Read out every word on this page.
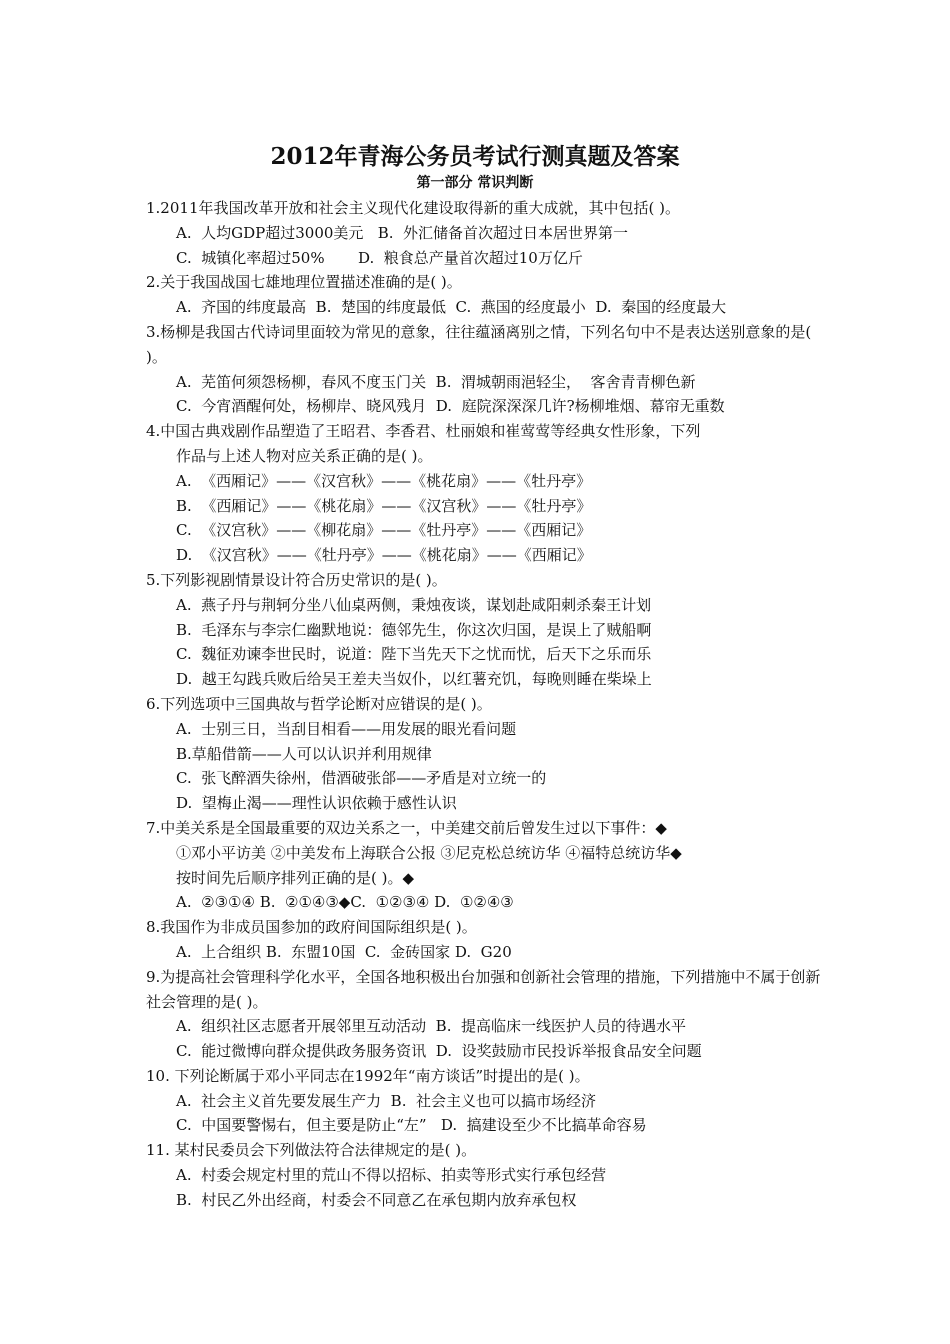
2012年青海公务员考试行测真题及答案
第一部分 常识判断

1.2011年我国改革开放和社会主义现代化建设取得新的重大成就，其中包括( )。

A.  人均GDP超过3000美元   B.  外汇储备首次超过日本居世界第一

C.  城镇化率超过50%       D.  粮食总产量首次超过10万亿斤

2.关于我国战国七雄地理位置描述准确的是( )。

A.  齐国的纬度最高  B.  楚国的纬度最低  C.  燕国的经度最小  D.  秦国的经度最大

3.杨柳是我国古代诗词里面较为常见的意象，往往蕴涵离别之情，下列名句中不是表达送别意象的是( )。

A.  芜笛何须怨杨柳，春风不度玉门关  B.  渭城朝雨浥轻尘，  客舍青青柳色新

C.  今宵酒醒何处，杨柳岸、晓风残月  D.  庭院深深深几许?杨柳堆烟、幕帘无重数

4.中国古典戏剧作品塑造了王昭君、李香君、杜丽娘和崔莺莺等经典女性形象，下列

作品与上述人物对应关系正确的是( )。

A.  《西厢记》——《汉宫秋》——《桃花扇》——《牡丹亭》

B.  《西厢记》——《桃花扇》——《汉宫秋》——《牡丹亭》

C.  《汉宫秋》——《柳花扇》——《牡丹亭》——《西厢记》

D.  《汉宫秋》——《牡丹亭》——《桃花扇》——《西厢记》

5.下列影视剧情景设计符合历史常识的是( )。

A.  燕子丹与荆轲分坐八仙桌两侧，秉烛夜谈，谋划赴咸阳刺杀秦王计划

B.  毛泽东与李宗仁幽默地说：德邻先生，你这次归国，是误上了贼船啊

C.  魏征劝谏李世民时，说道：陛下当先天下之忧而忧，后天下之乐而乐

D.  越王勾践兵败后给吴王差夫当奴仆，以红薯充饥，每晚则睡在柴垛上

6.下列选项中三国典故与哲学论断对应错误的是( )。

A.  士别三日，当刮目相看——用发展的眼光看问题

B.草船借箭——人可以认识并利用规律

C.  张飞醉酒失徐州，借酒破张郃——矛盾是对立统一的

D.  望梅止渴——理性认识依赖于感性认识

7.中美关系是全国最重要的双边关系之一，中美建交前后曾发生过以下事件：◆

①邓小平访美 ②中美发布上海联合公报 ③尼克松总统访华 ④福特总统访华◆

按时间先后顺序排列正确的是( )。◆

A.  ②③①④ B.  ②①④③◆C.  ①②③④ D.  ①②④③

8.我国作为非成员国参加的政府间国际组织是( )。

A.  上合组织 B.  东盟10国  C.  金砖国家 D.  G20

9.为提高社会管理科学化水平，全国各地积极出台加强和创新社会管理的措施，下列措施中不属于创新社会管理的是( )。

A.  组织社区志愿者开展邻里互动活动  B.  提高临床一线医护人员的待遇水平

C.  能过微博向群众提供政务服务资讯  D.  设奖鼓励市民投诉举报食品安全问题

10. 下列论断属于邓小平同志在1992年“南方谈话”时提出的是( )。

A.  社会主义首先要发展生产力  B.  社会主义也可以搞市场经济

C.  中国要警惕右，但主要是防止“左”   D.  搞建设至少不比搞革命容易

11. 某村民委员会下列做法符合法律规定的是( )。

A.  村委会规定村里的荒山不得以招标、拍卖等形式实行承包经营

B.  村民乙外出经商，村委会不同意乙在承包期内放弃承包权
